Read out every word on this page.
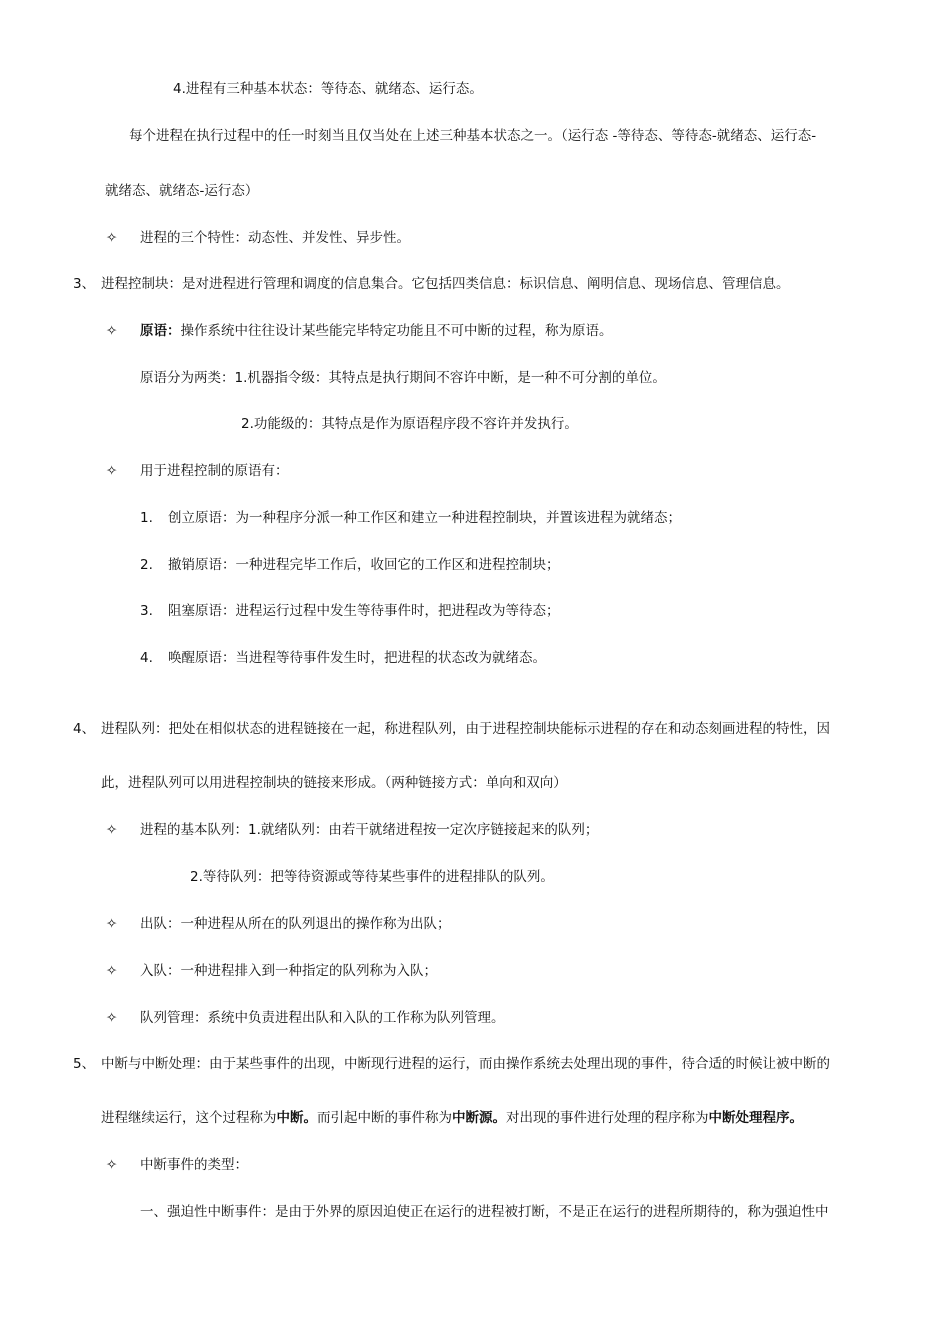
4.进程有三种基本状态：等待态、就绪态、运行态。
每个进程在执行过程中的任一时刻当且仅当处在上述三种基本状态之一。（运行态 -等待态、等待态-就绪态、运行态-
就绪态、就绪态-运行态）
✧ 进程的三个特性：动态性、并发性、异步性。
3、 进程控制块：是对进程进行管理和调度的信息集合。它包括四类信息：标识信息、阐明信息、现场信息、管理信息。
✧ 原语：操作系统中往往设计某些能完毕特定功能且不可中断的过程，称为原语。
原语分为两类：1.机器指令级：其特点是执行期间不容许中断，是一种不可分割的单位。
2.功能级的：其特点是作为原语程序段不容许并发执行。
✧ 用于进程控制的原语有：
1. 创立原语：为一种程序分派一种工作区和建立一种进程控制块，并置该进程为就绪态；
2. 撤销原语：一种进程完毕工作后，收回它的工作区和进程控制块；
3. 阻塞原语：进程运行过程中发生等待事件时，把进程改为等待态；
4. 唤醒原语：当进程等待事件发生时，把进程的状态改为就绪态。
4、 进程队列：把处在相似状态的进程链接在一起，称进程队列，由于进程控制块能标示进程的存在和动态刻画进程的特性，因
此，进程队列可以用进程控制块的链接来形成。（两种链接方式：单向和双向）
✧ 进程的基本队列：1.就绪队列：由若干就绪进程按一定次序链接起来的队列；
2.等待队列：把等待资源或等待某些事件的进程排队的队列。
✧ 出队：一种进程从所在的队列退出的操作称为出队；
✧ 入队：一种进程排入到一种指定的队列称为入队；
✧ 队列管理：系统中负责进程出队和入队的工作称为队列管理。
5、 中断与中断处理：由于某些事件的出现，中断现行进程的运行，而由操作系统去处理出现的事件，待合适的时候让被中断的
进程继续运行，这个过程称为中断。而引起中断的事件称为中断源。对出现的事件进行处理的程序称为中断处理程序。
✧ 中断事件的类型：
一、强迫性中断事件：是由于外界的原因迫使正在运行的进程被打断，不是正在运行的进程所期待的，称为强迫性中
